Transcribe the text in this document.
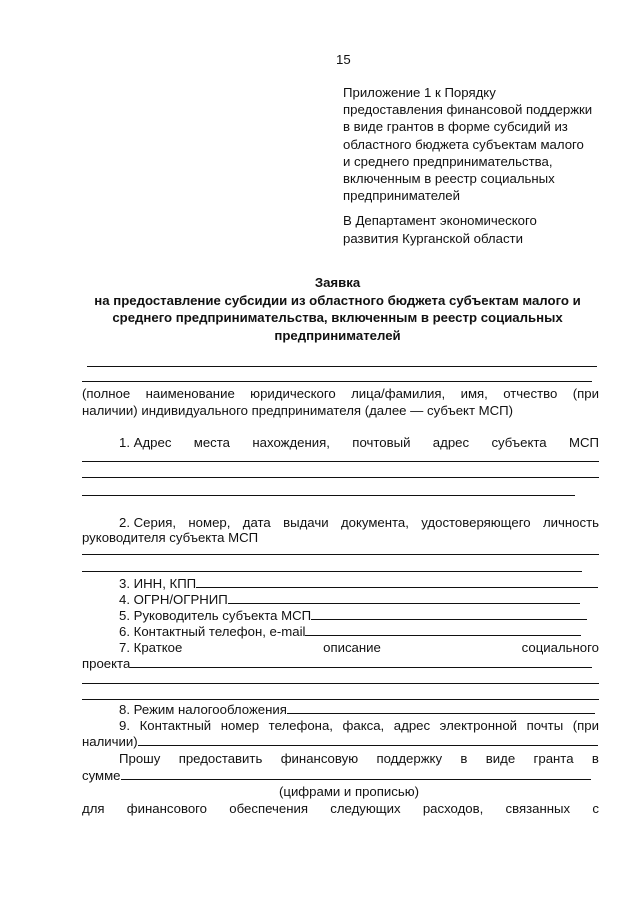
15
Приложение 1 к Порядку
предоставления финансовой поддержки
в виде грантов в форме субсидий из
областного бюджета субъектам малого
и среднего предпринимательства,
включенным в реестр социальных
предпринимателей
В Департамент экономического
развития Курганской области
Заявка
на предоставление субсидии из областного бюджета субъектам малого и
среднего предпринимательства, включенным в реестр социальных
предпринимателей
(полное наименование юридического лица/фамилия, имя, отчество (при
наличии) индивидуального предпринимателя (далее — субъект МСП)
1. Адрес места нахождения, почтовый адрес субъекта МСП
2. Серия, номер, дата выдачи документа, удостоверяющего личность
руководителя субъекта МСП
3. ИНН, КПП
4. ОГРН/ОГРНИП
5. Руководитель субъекта МСП
6. Контактный телефон, e-mail
7. Краткое	описание	социального
проекта
8. Режим налогообложения
9. Контактный номер телефона, факса, адрес электронной почты (при
наличии)
Прошу предоставить финансовую поддержку в виде гранта в
сумме
(цифрами и прописью)
для финансового обеспечения следующих расходов, связанных с
